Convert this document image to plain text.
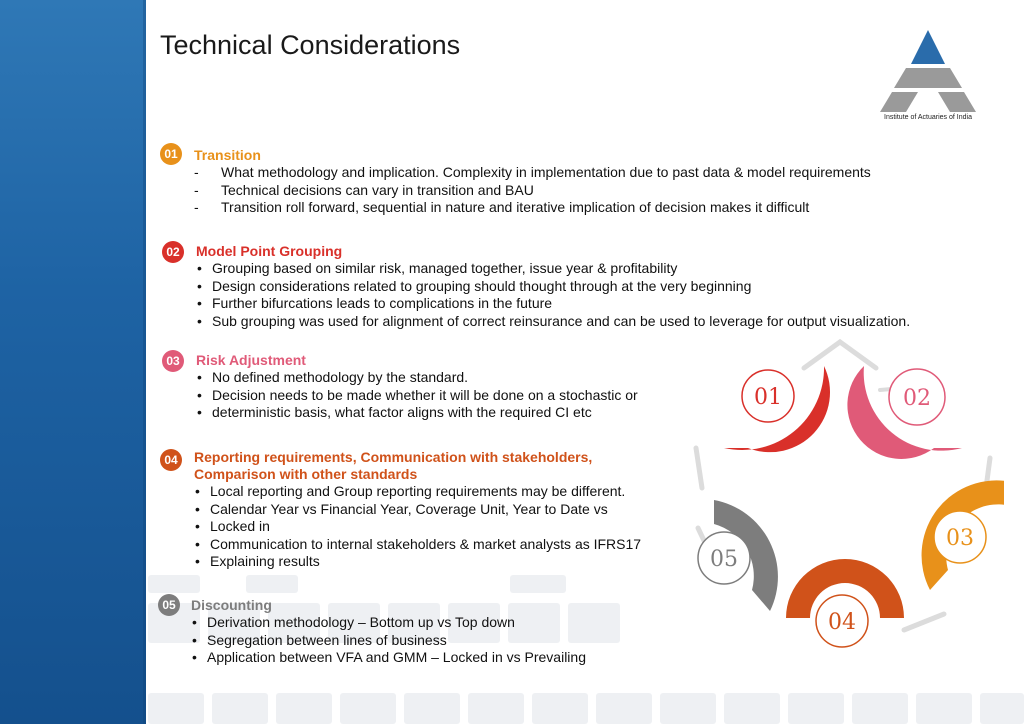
Technical Considerations
Institute of Actuaries of India
01	Transition
- What methodology and implication. Complexity in implementation due to past data & model requirements
- Technical decisions can vary in transition and BAU
- Transition roll forward, sequential in nature and iterative implication of decision makes it difficult
02	Model Point Grouping
• Grouping based on similar risk, managed together, issue year & profitability
• Design considerations related to grouping should thought through at the very beginning
• Further bifurcations leads to complications in the future
• Sub grouping was used for alignment of correct reinsurance and can be used to leverage for output visualization.
03	Risk Adjustment
• No defined methodology by the standard.
• Decision needs to be made whether it will be done on a stochastic or
• deterministic basis, what factor aligns with the required CI etc
04	Reporting requirements, Communication with stakeholders,
Comparison with other standards
• Local reporting and Group reporting requirements may be different.
• Calendar Year vs Financial Year, Coverage Unit, Year to Date vs
• Locked in
• Communication to internal stakeholders & market analysts as IFRS17
• Explaining results
05	Discounting
• Derivation methodology – Bottom up vs Top down
• Segregation between lines of business
• Application between VFA and GMM – Locked in vs Prevailing
01	02
03
04
05
